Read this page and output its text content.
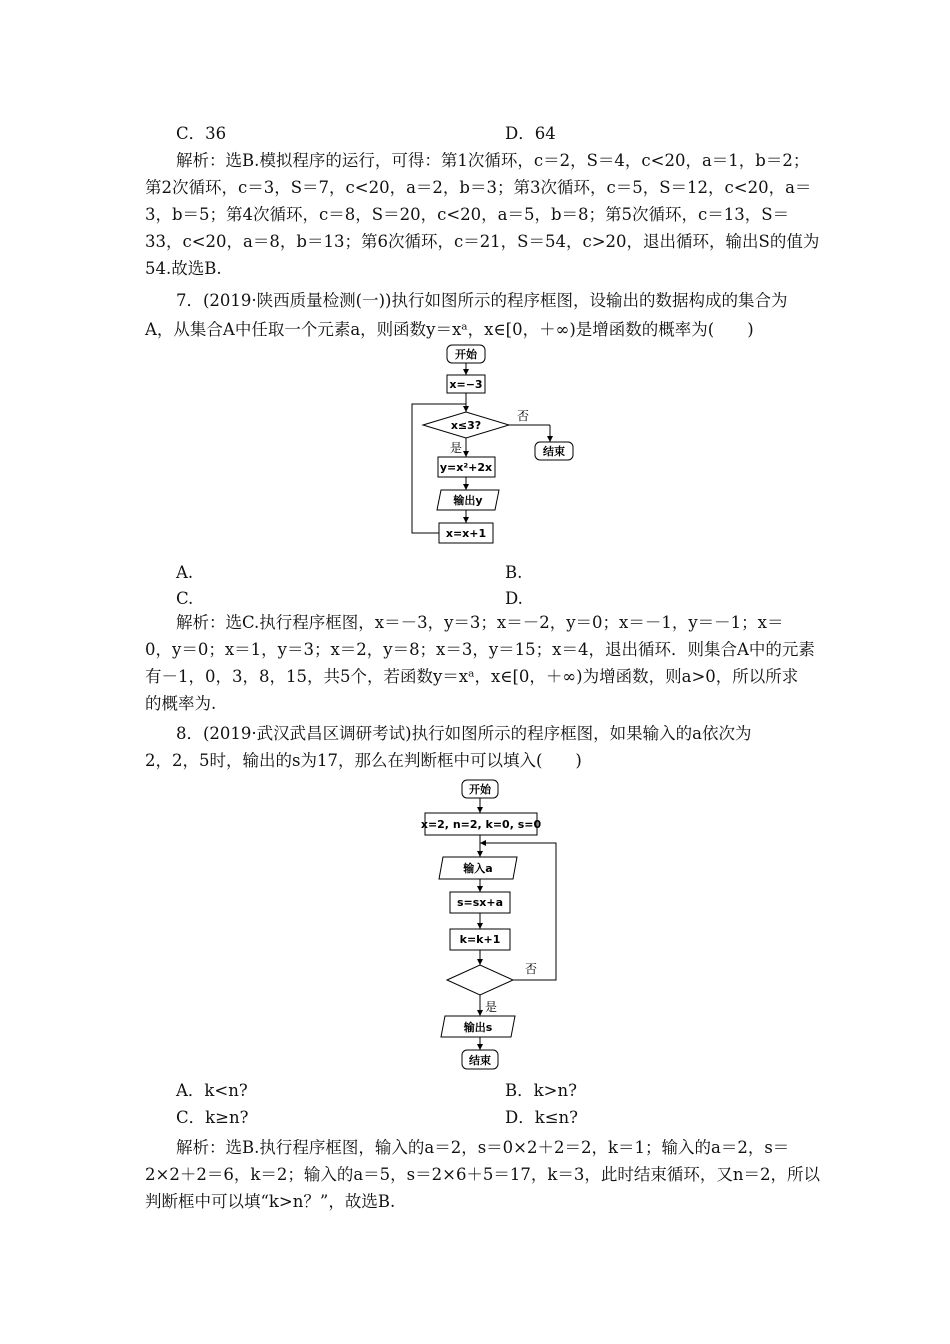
C．36	D．64
解析：选B.模拟程序的运行，可得：第1次循环，c＝2，S＝4，c<20，a＝1，b＝2；
第2次循环，c＝3，S＝7，c<20，a＝2，b＝3；第3次循环，c＝5，S＝12，c<20，a＝
3，b＝5；第4次循环，c＝8，S＝20，c<20，a＝5，b＝8；第5次循环，c＝13，S＝
33，c<20，a＝8，b＝13；第6次循环，c＝21，S＝54，c>20，退出循环，输出S的值为
54.故选B.
7．(2019·陕西质量检测(一))执行如图所示的程序框图，设输出的数据构成的集合为
A，从集合A中任取一个元素a，则函数y＝xᵃ，x∈[0，＋∞)是增函数的概率为(　　)
开始
x=−3
x≤3?
否
是	结束
y=x²+2x
输出y
x=x+1
A.	B.
C.	D.
解析：选C.执行程序框图，x＝－3，y＝3；x＝－2，y＝0；x＝－1，y＝－1；x＝
0，y＝0；x＝1，y＝3；x＝2，y＝8；x＝3，y＝15；x＝4，退出循环．则集合A中的元素
有－1，0，3，8，15，共5个，若函数y＝xᵃ，x∈[0，＋∞)为增函数，则a>0，所以所求
的概率为.
8．(2019·武汉武昌区调研考试)执行如图所示的程序框图，如果输入的a依次为
2，2，5时，输出的s为17，那么在判断框中可以填入(　　)
开始
x=2, n=2, k=0, s=0
输入a
s=sx+a
k=k+1
否
是
输出s
结束
A．k<n?	B．k>n?
C．k≥n?	D．k≤n?
解析：选B.执行程序框图，输入的a＝2，s＝0×2＋2＝2，k＝1；输入的a＝2，s＝
2×2＋2＝6，k＝2；输入的a＝5，s＝2×6＋5＝17，k＝3，此时结束循环，又n＝2，所以
判断框中可以填“k>n？”，故选B.
